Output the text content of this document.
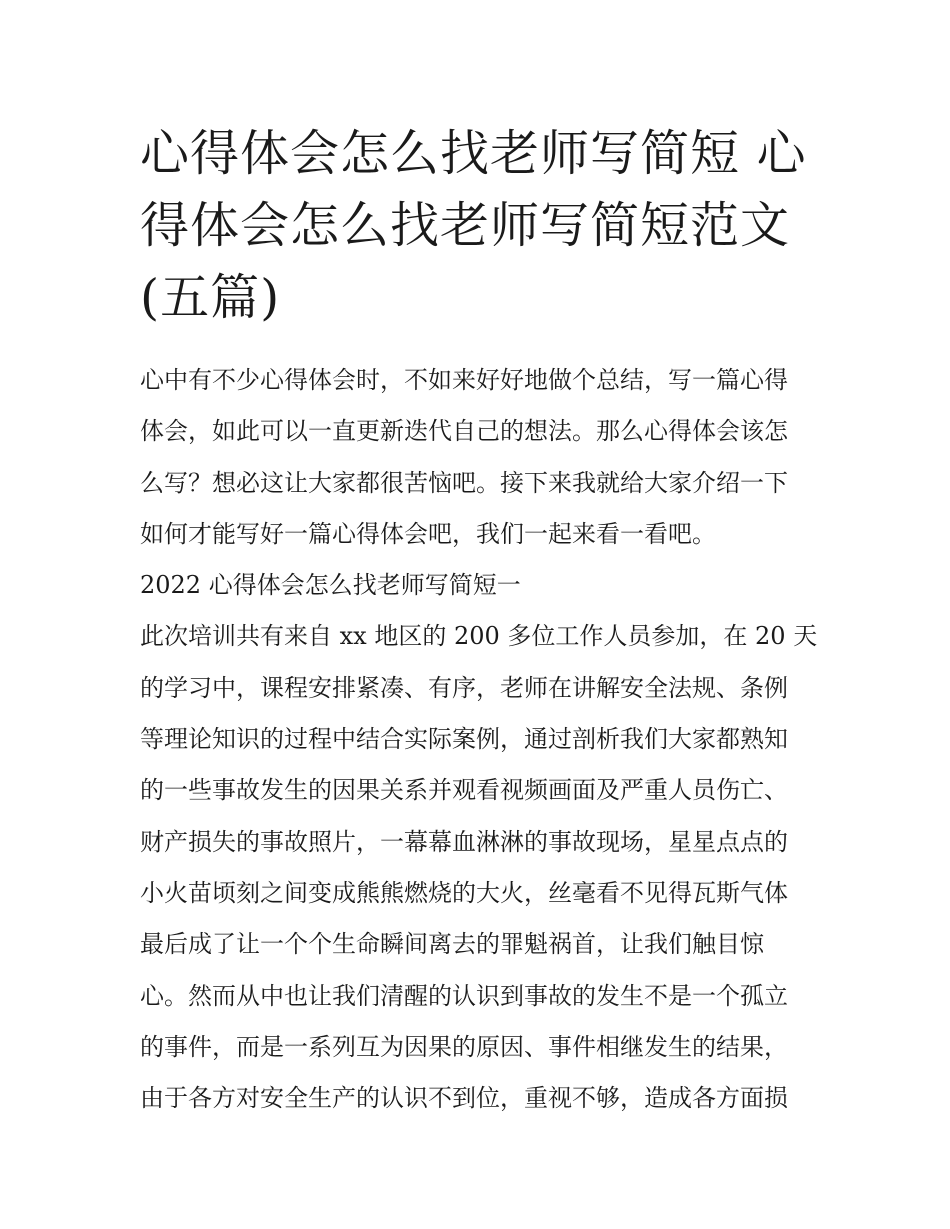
心得体会怎么找老师写简短 心
得体会怎么找老师写简短范文
(五篇)
心中有不少心得体会时，不如来好好地做个总结，写一篇心得
体会，如此可以一直更新迭代自己的想法。那么心得体会该怎
么写？想必这让大家都很苦恼吧。接下来我就给大家介绍一下
如何才能写好一篇心得体会吧，我们一起来看一看吧。
2022 心得体会怎么找老师写简短一
此次培训共有来自 xx 地区的 200 多位工作人员参加，在 20 天
的学习中，课程安排紧凑、有序，老师在讲解安全法规、条例
等理论知识的过程中结合实际案例，通过剖析我们大家都熟知
的一些事故发生的因果关系并观看视频画面及严重人员伤亡、
财产损失的事故照片，一幕幕血淋淋的事故现场，星星点点的
小火苗顷刻之间变成熊熊燃烧的大火，丝毫看不见得瓦斯气体
最后成了让一个个生命瞬间离去的罪魁祸首，让我们触目惊
心。然而从中也让我们清醒的认识到事故的发生不是一个孤立
的事件，而是一系列互为因果的原因、事件相继发生的结果，
由于各方对安全生产的认识不到位，重视不够，造成各方面损
